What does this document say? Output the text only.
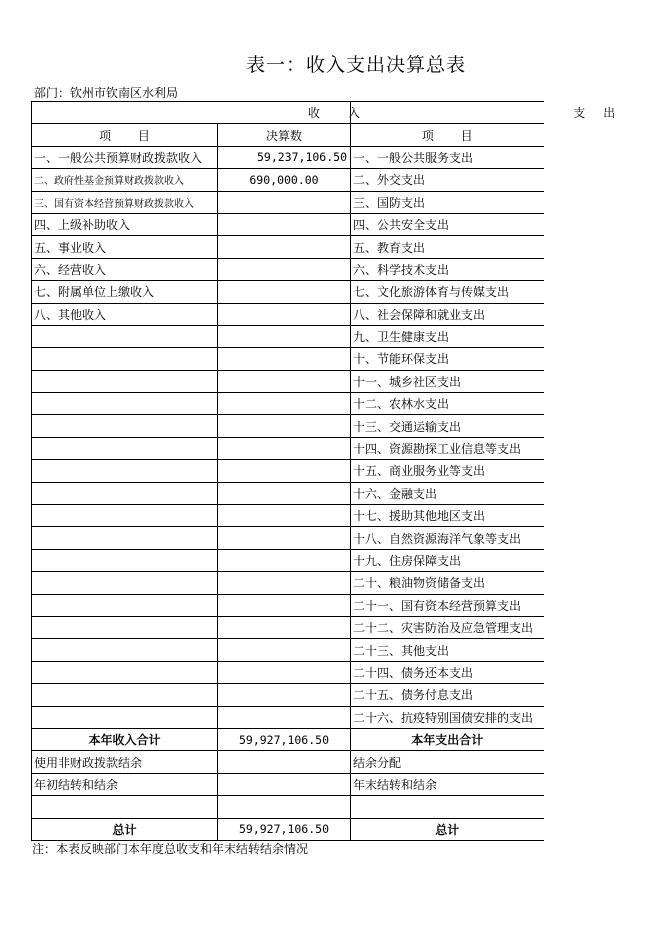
表一：收入支出决算总表
部门：钦州市钦南区水利局
收 入		支 出
项 目	决算数	项 目
一、一般公共预算财政拨款收入	59,237,106.50	一、一般公共服务支出
二、政府性基金预算财政拨款收入	690,000.00	二、外交支出
三、国有资本经营预算财政拨款收入		三、国防支出
四、上级补助收入		四、公共安全支出
五、事业收入		五、教育支出
六、经营收入		六、科学技术支出
七、附属单位上缴收入		七、文化旅游体育与传媒支出
八、其他收入		八、社会保障和就业支出
		九、卫生健康支出
		十、节能环保支出
		十一、城乡社区支出
		十二、农林水支出
		十三、交通运输支出
		十四、资源勘探工业信息等支出
		十五、商业服务业等支出
		十六、金融支出
		十七、援助其他地区支出
		十八、自然资源海洋气象等支出
		十九、住房保障支出
		二十、粮油物资储备支出
		二十一、国有资本经营预算支出
		二十二、灾害防治及应急管理支出
		二十三、其他支出
		二十四、债务还本支出
		二十五、债务付息支出
		二十六、抗疫特别国债安排的支出
本年收入合计	59,927,106.50	本年支出合计
使用非财政拨款结余		结余分配
年初结转和结余		年末结转和结余

总计	59,927,106.50	总计
注：本表反映部门本年度总收支和年末结转结余情况
